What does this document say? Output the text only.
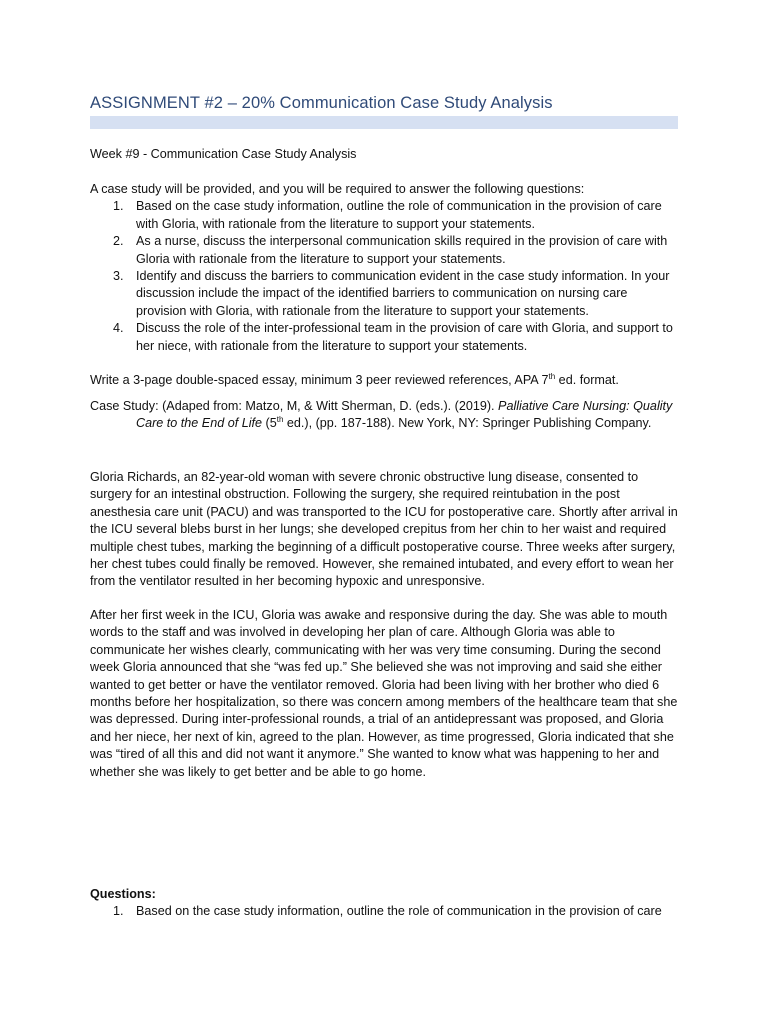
ASSIGNMENT #2 – 20% Communication Case Study Analysis
Week #9 - Communication Case Study Analysis

A case study will be provided, and you will be required to answer the following questions:

1. Based on the case study information, outline the role of communication in the provision of care with Gloria, with rationale from the literature to support your statements.
2. As a nurse, discuss the interpersonal communication skills required in the provision of care with Gloria with rationale from the literature to support your statements.
3. Identify and discuss the barriers to communication evident in the case study information. In your discussion include the impact of the identified barriers to communication on nursing care provision with Gloria, with rationale from the literature to support your statements.
4. Discuss the role of the inter-professional team in the provision of care with Gloria, and support to her niece, with rationale from the literature to support your statements.
Write a 3-page double-spaced essay, minimum 3 peer reviewed references, APA 7th ed. format.

Case Study: (Adaped from: Matzo, M, & Witt Sherman, D. (eds.). (2019). Palliative Care Nursing: Quality Care to the End of Life (5th ed.), (pp. 187-188). New York, NY: Springer Publishing Company.

Gloria Richards, an 82-year-old woman with severe chronic obstructive lung disease, consented to surgery for an intestinal obstruction. Following the surgery, she required reintubation in the post anesthesia care unit (PACU) and was transported to the ICU for postoperative care. Shortly after arrival in the ICU several blebs burst in her lungs; she developed crepitus from her chin to her waist and required multiple chest tubes, marking the beginning of a difficult postoperative course. Three weeks after surgery, her chest tubes could finally be removed. However, she remained intubated, and every effort to wean her from the ventilator resulted in her becoming hypoxic and unresponsive.
After her first week in the ICU, Gloria was awake and responsive during the day. She was able to mouth words to the staff and was involved in developing her plan of care. Although Gloria was able to communicate her wishes clearly, communicating with her was very time consuming. During the second week Gloria announced that she “was fed up.” She believed she was not improving and said she either wanted to get better or have the ventilator removed. Gloria had been living with her brother who died 6 months before her hospitalization, so there was concern among members of the healthcare team that she was depressed. During inter-professional rounds, a trial of an antidepressant was proposed, and Gloria and her niece, her next of kin, agreed to the plan. However, as time progressed, Gloria indicated that she was “tired of all this and did not want it anymore.” She wanted to know what was happening to her and whether she was likely to get better and be able to go home.

Questions:

1. Based on the case study information, outline the role of communication in the provision of care
